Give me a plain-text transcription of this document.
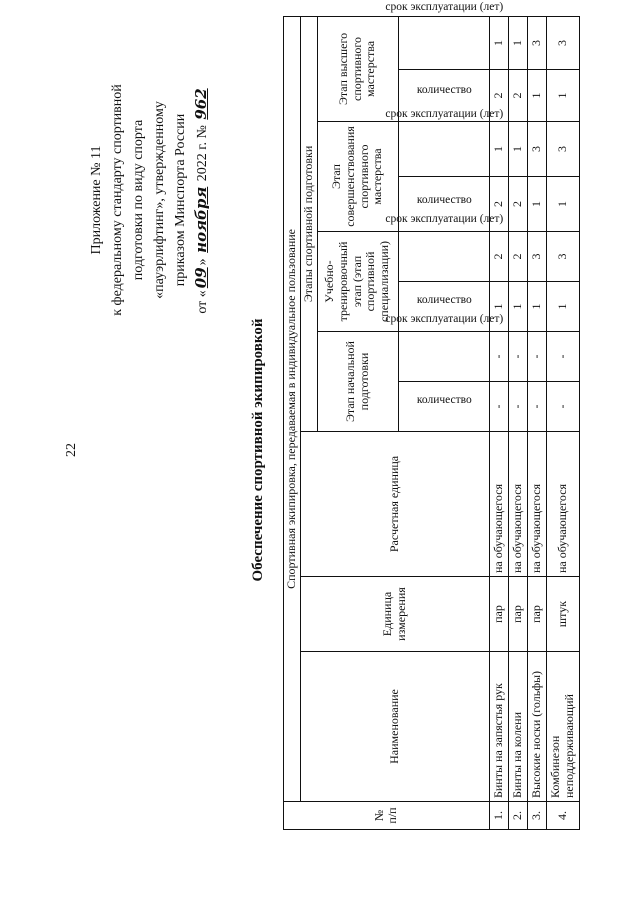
22
Приложение № 11 к федеральному стандарту спортивной подготовки по виду спорта «пауэрлифтинг», утвержденному приказом Минспорта России
от «09» ноября 2022 г. № 962
Обеспечение спортивной экипировкой
№ п/п	Спортивная экипировка, передаваемая в индивидуальное пользование										
	Наименование	Единица измерения	Расчетная единица	Этапы спортивной подготовки							
				Этап начальной подготовки		Учебно-тренировочный этап (этап спортивной специализации)		Этап совершенствования спортивного мастерства		Этап высшего спортивного мастерства	
				количество	срок эксплуатации (лет)	количество	срок эксплуатации (лет)	количество	срок эксплуатации (лет)	количество	срок эксплуатации (лет)
1.	Бинты на запястья рук	пар	на обучающегося	-	-	1	2	2	1	2	1
2.	Бинты на колени	пар	на обучающегося	-	-	1	2	2	1	2	1
3.	Высокие носки (гольфы)	пар	на обучающегося	-	-	1	3	1	3	1	3
4.	Комбинезон неподдерживающий	штук	на обучающегося	-	-	1	3	1	3	1	3
